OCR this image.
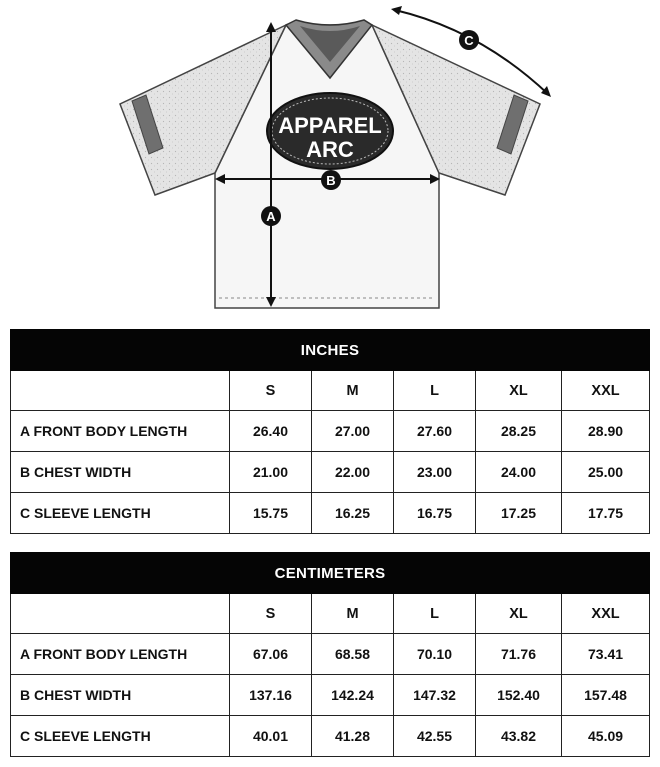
APPAREL
ARC
A
B
C
INCHES					
	S	M	L	XL	XXL
A FRONT BODY LENGTH	26.40	27.00	27.60	28.25	28.90
B CHEST WIDTH	21.00	22.00	23.00	24.00	25.00
C SLEEVE LENGTH	15.75	16.25	16.75	17.25	17.75
CENTIMETERS					
	S	M	L	XL	XXL
A FRONT BODY LENGTH	67.06	68.58	70.10	71.76	73.41
B CHEST WIDTH	137.16	142.24	147.32	152.40	157.48
C SLEEVE LENGTH	40.01	41.28	42.55	43.82	45.09
